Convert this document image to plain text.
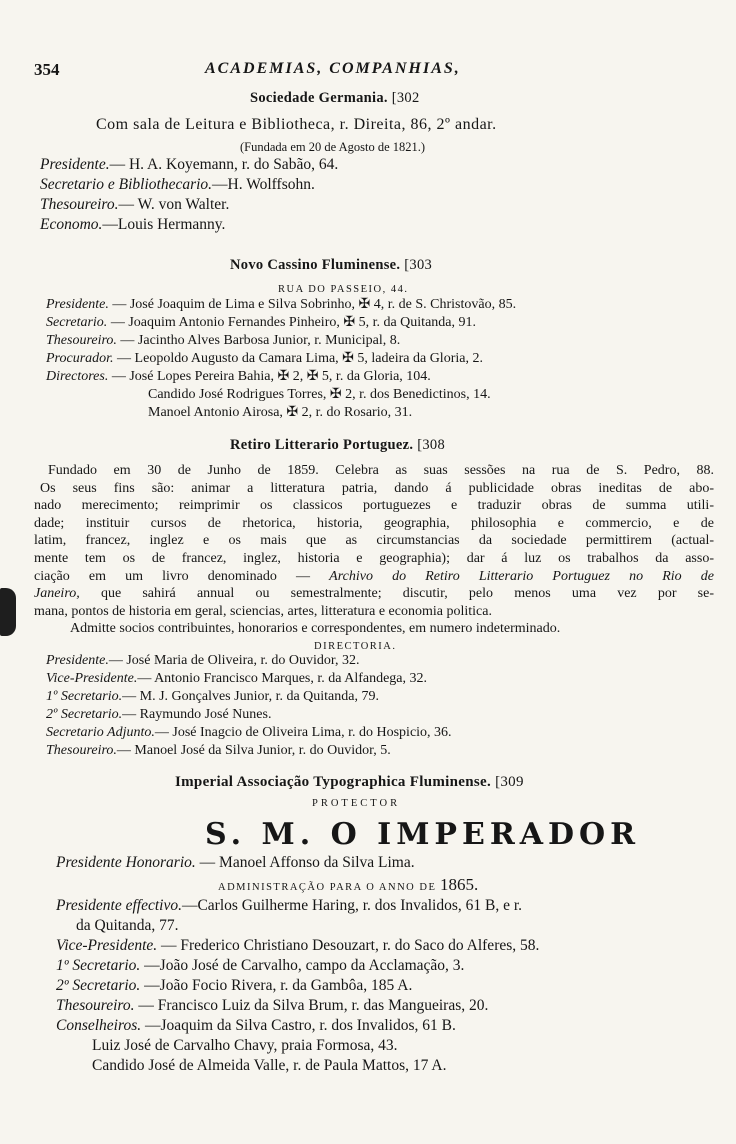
354	ACADEMIAS, COMPANHIAS,
Sociedade Germania. [302
Com sala de Leitura e Bibliotheca, r. Direita, 86, 2º andar.
(Fundada em 20 de Agosto de 1821.)
Presidente.— H. A. Koyemann, r. do Sabão, 64.
Secretario e Bibliothecario.—H. Wolffsohn.
Thesoureiro.— W. von Walter.
Economo.—Louis Hermanny.
Novo Cassino Fluminense. [303
RUA DO PASSEIO, 44.
Presidente. — José Joaquim de Lima e Silva Sobrinho, ✠ 4, r. de S. Christovão, 85.
Secretario. — Joaquim Antonio Fernandes Pinheiro, ✠ 5, r. da Quitanda, 91.
Thesoureiro. — Jacintho Alves Barbosa Junior, r. Municipal, 8.
Procurador. — Leopoldo Augusto da Camara Lima, ✠ 5, ladeira da Gloria, 2.
Directores. — José Lopes Pereira Bahia, ✠ 2, ✠ 5, r. da Gloria, 104.
Candido José Rodrigues Torres, ✠ 2, r. dos Benedictinos, 14.
Manoel Antonio Airosa, ✠ 2, r. do Rosario, 31.
Retiro Litterario Portuguez. [308

Fundado em 30 de Junho de 1859. Celebra as suas sessões na rua de S. Pedro, 88.

Os seus fins são: animar a litteratura patria, dando á publicidade obras ineditas de abo-

nado merecimento; reimprimir os classicos portuguezes e traduzir obras de summa utili-

dade; instituir cursos de rhetorica, historia, geographia, philosophia e commercio, e de

latim, francez, inglez e os mais que as circumstancias da sociedade permittirem (actual-

mente tem os de francez, inglez, historia e geographia); dar á luz os trabalhos da asso-

ciação em um livro denominado — Archivo do Retiro Litterario Portuguez no Rio de

Janeiro, que sahirá annual ou semestralmente; discutir, pelo menos uma vez por se-

mana, pontos de historia em geral, sciencias, artes, litteratura e economia politica.

Admitte socios contribuintes, honorarios e correspondentes, em numero indeterminado.

DIRECTORIA.
Presidente.— José Maria de Oliveira, r. do Ouvidor, 32.
Vice-Presidente.— Antonio Francisco Marques, r. da Alfandega, 32.
1º Secretario.— M. J. Gonçalves Junior, r. da Quitanda, 79.
2º Secretario.— Raymundo José Nunes.
Secretario Adjunto.— José Inagcio de Oliveira Lima, r. do Hospicio, 36.
Thesoureiro.— Manoel José da Silva Junior, r. do Ouvidor, 5.
Imperial Associação Typographica Fluminense. [309
PROTECTOR
S. M. O IMPERADOR
Presidente Honorario. — Manoel Affonso da Silva Lima.
ADMINISTRAÇÃO PARA O ANNO DE 1865.
Presidente effectivo.—Carlos Guilherme Haring, r. dos Invalidos, 61 B, e r.
da Quitanda, 77.
Vice-Presidente. — Frederico Christiano Desouzart, r. do Saco do Alferes, 58.
1º Secretario. —João José de Carvalho, campo da Acclamação, 3.
2º Secretario. —João Focio Rivera, r. da Gambôa, 185 A.
Thesoureiro. — Francisco Luiz da Silva Brum, r. das Mangueiras, 20.
Conselheiros. —Joaquim da Silva Castro, r. dos Invalidos, 61 B.
Luiz José de Carvalho Chavy, praia Formosa, 43.
Candido José de Almeida Valle, r. de Paula Mattos, 17 A.
